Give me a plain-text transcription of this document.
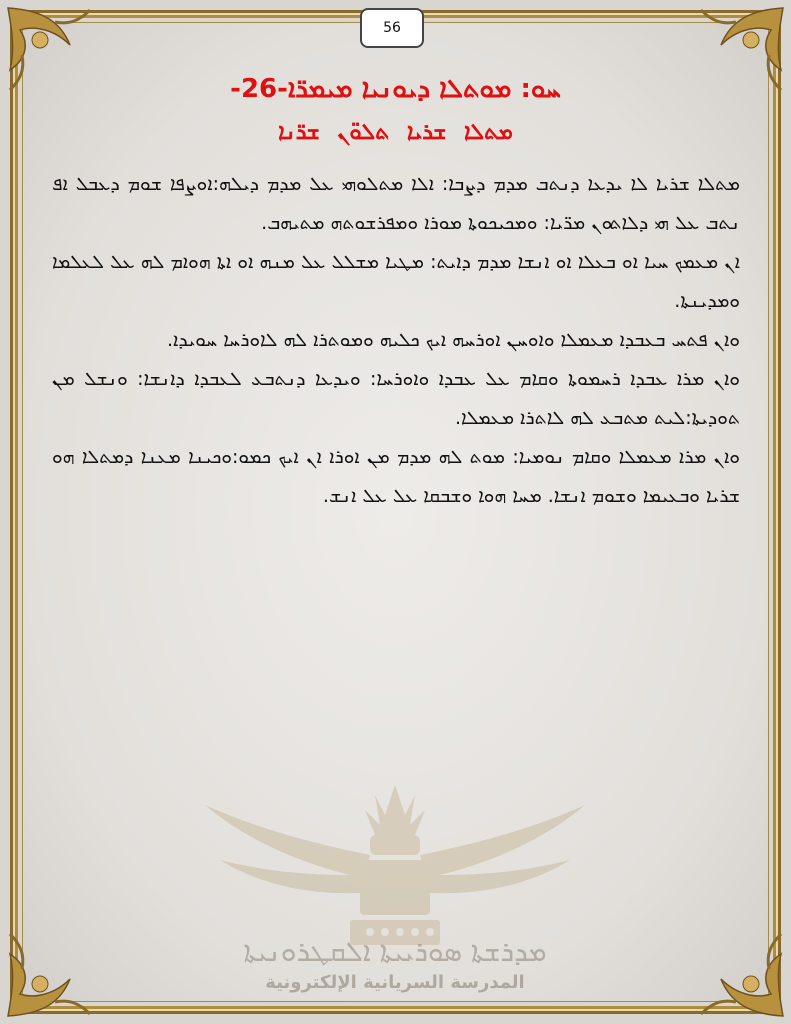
56
ܚܘ: ܡܘܬܠܐ ܕܝܘܢܝܐ ܡܝܡܪ̈ܐ-26-
ܡܬܠܐ ܫܪܝܐ ܬܠܘ̈ܢ ܫܪ̈ܢܐ

ܡܬܠܐ ܫܪܝܐ ܠܐ ܝܕܥܐ ܕܢܬܒ ܡܕܡ ܕܨܒܐ: ܐܠܐ ܡܬܠܘܗܝ ܥܠ ܡܕܡ ܕܝܠܗ:ܐܘܨܦܐ ܫܘܡ ܕܥܒܠ ܐܦ ܢܬܒ ܥܠ ܗܝ ܕܠܐܬܘܢ ܡܪ̈ܝܐ: ܘܡܟܝܟܘܬܐ ܡܘܪܐ ܘܡܦܪܫܘܬܗ ܡܬܝܗܒ.

ܐܢ ܡܥܡܟ ܚܝܐ ܐܘ ܒܥܠܐ ܐܘ ܐܢܫܐ ܡܕܡ ܕܐܝܬ: ܡܛܝܐ ܡܫܠܠ ܥܠ ܡܢܗ ܐܘ ܐܬܐ ܗܘܐܡ ܠܗ ܥܠ ܠܥܠܡܐ ܘܡܕܝܢܬܐ.

ܘܐܢ ܦܬܚ ܒܥܒܕܐ ܡܥܡܠܐ ܘܐܘܚܢ ܐܘܪܚܗ ܐܝܟ ܟܠܝܗ ܘܡܘܬܪܐ ܠܗ ܠܐܘܪܚܐ ܚܘܝܕܐ.

ܘܐܢ ܡܪܐ ܥܒܕܐ ܪܚܡܘܬܐ ܘܩܐܡ ܥܠ ܥܒܕܐ ܘܐܘܪܚܐ: ܘܝܕܥܐ ܕܢܬܒܥ ܠܥܒܕܐ ܕܐܢܫܐ: ܘܢܫܠ ܡܢ ܬܘܕܝܬܐ:ܠܝܬ ܡܬܒܥ ܠܗ ܠܐܬܪܐ ܡܥܡܠܐ.

ܘܐܢ ܡܪܐ ܡܥܡܠܐ ܘܩܐܡ ܢܘܡܝܐ: ܡܘܬ ܠܗ ܡܕܡ ܡܢ ܐܘܪܐ ܐܢ ܐܝܟ ܟܡܘ:ܘܟܝܢܐ ܡܥܢܐ ܕܡܬܠܐ ܗܘ ܫܪܝܐ ܘܒܥܝܡܐ ܘܫܘܡ ܐܢܫܐ. ܡܚܐ ܗܘܐ ܘܫܒܩܐ ܥܠ ܥܠ ܐܢܫ.

ܡܕܪܫܬܐ ܣܘܪܝܝܬܐ ܐܠܩܛܪܘܢܝܬܐ
المدرسة السريانية الإلكترونية
